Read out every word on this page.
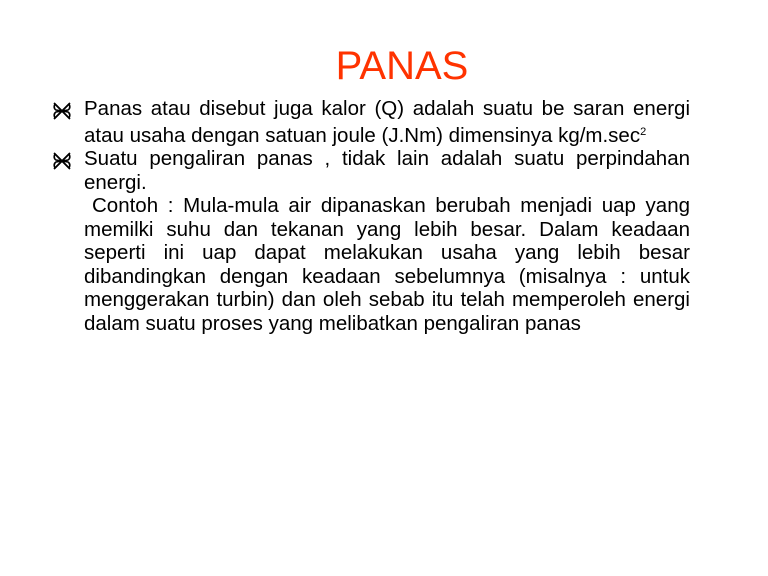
PANAS
Panas atau disebut juga kalor (Q) adalah suatu be saran energi atau usaha dengan satuan joule (J.Nm) dimensinya $kg/m.\sec^2$
Suatu pengaliran panas , tidak lain adalah suatu perpindahan energi.
Contoh : Mula-mula air dipanaskan berubah menjadi uap yang memilki suhu dan tekanan yang lebih besar. Dalam keadaan seperti ini uap dapat melakukan usaha yang lebih besar dibandingkan dengan keadaan sebelumnya (misalnya : untuk menggerakan turbin) dan oleh sebab itu telah memperoleh energi dalam suatu proses yang melibatkan pengaliran panas
